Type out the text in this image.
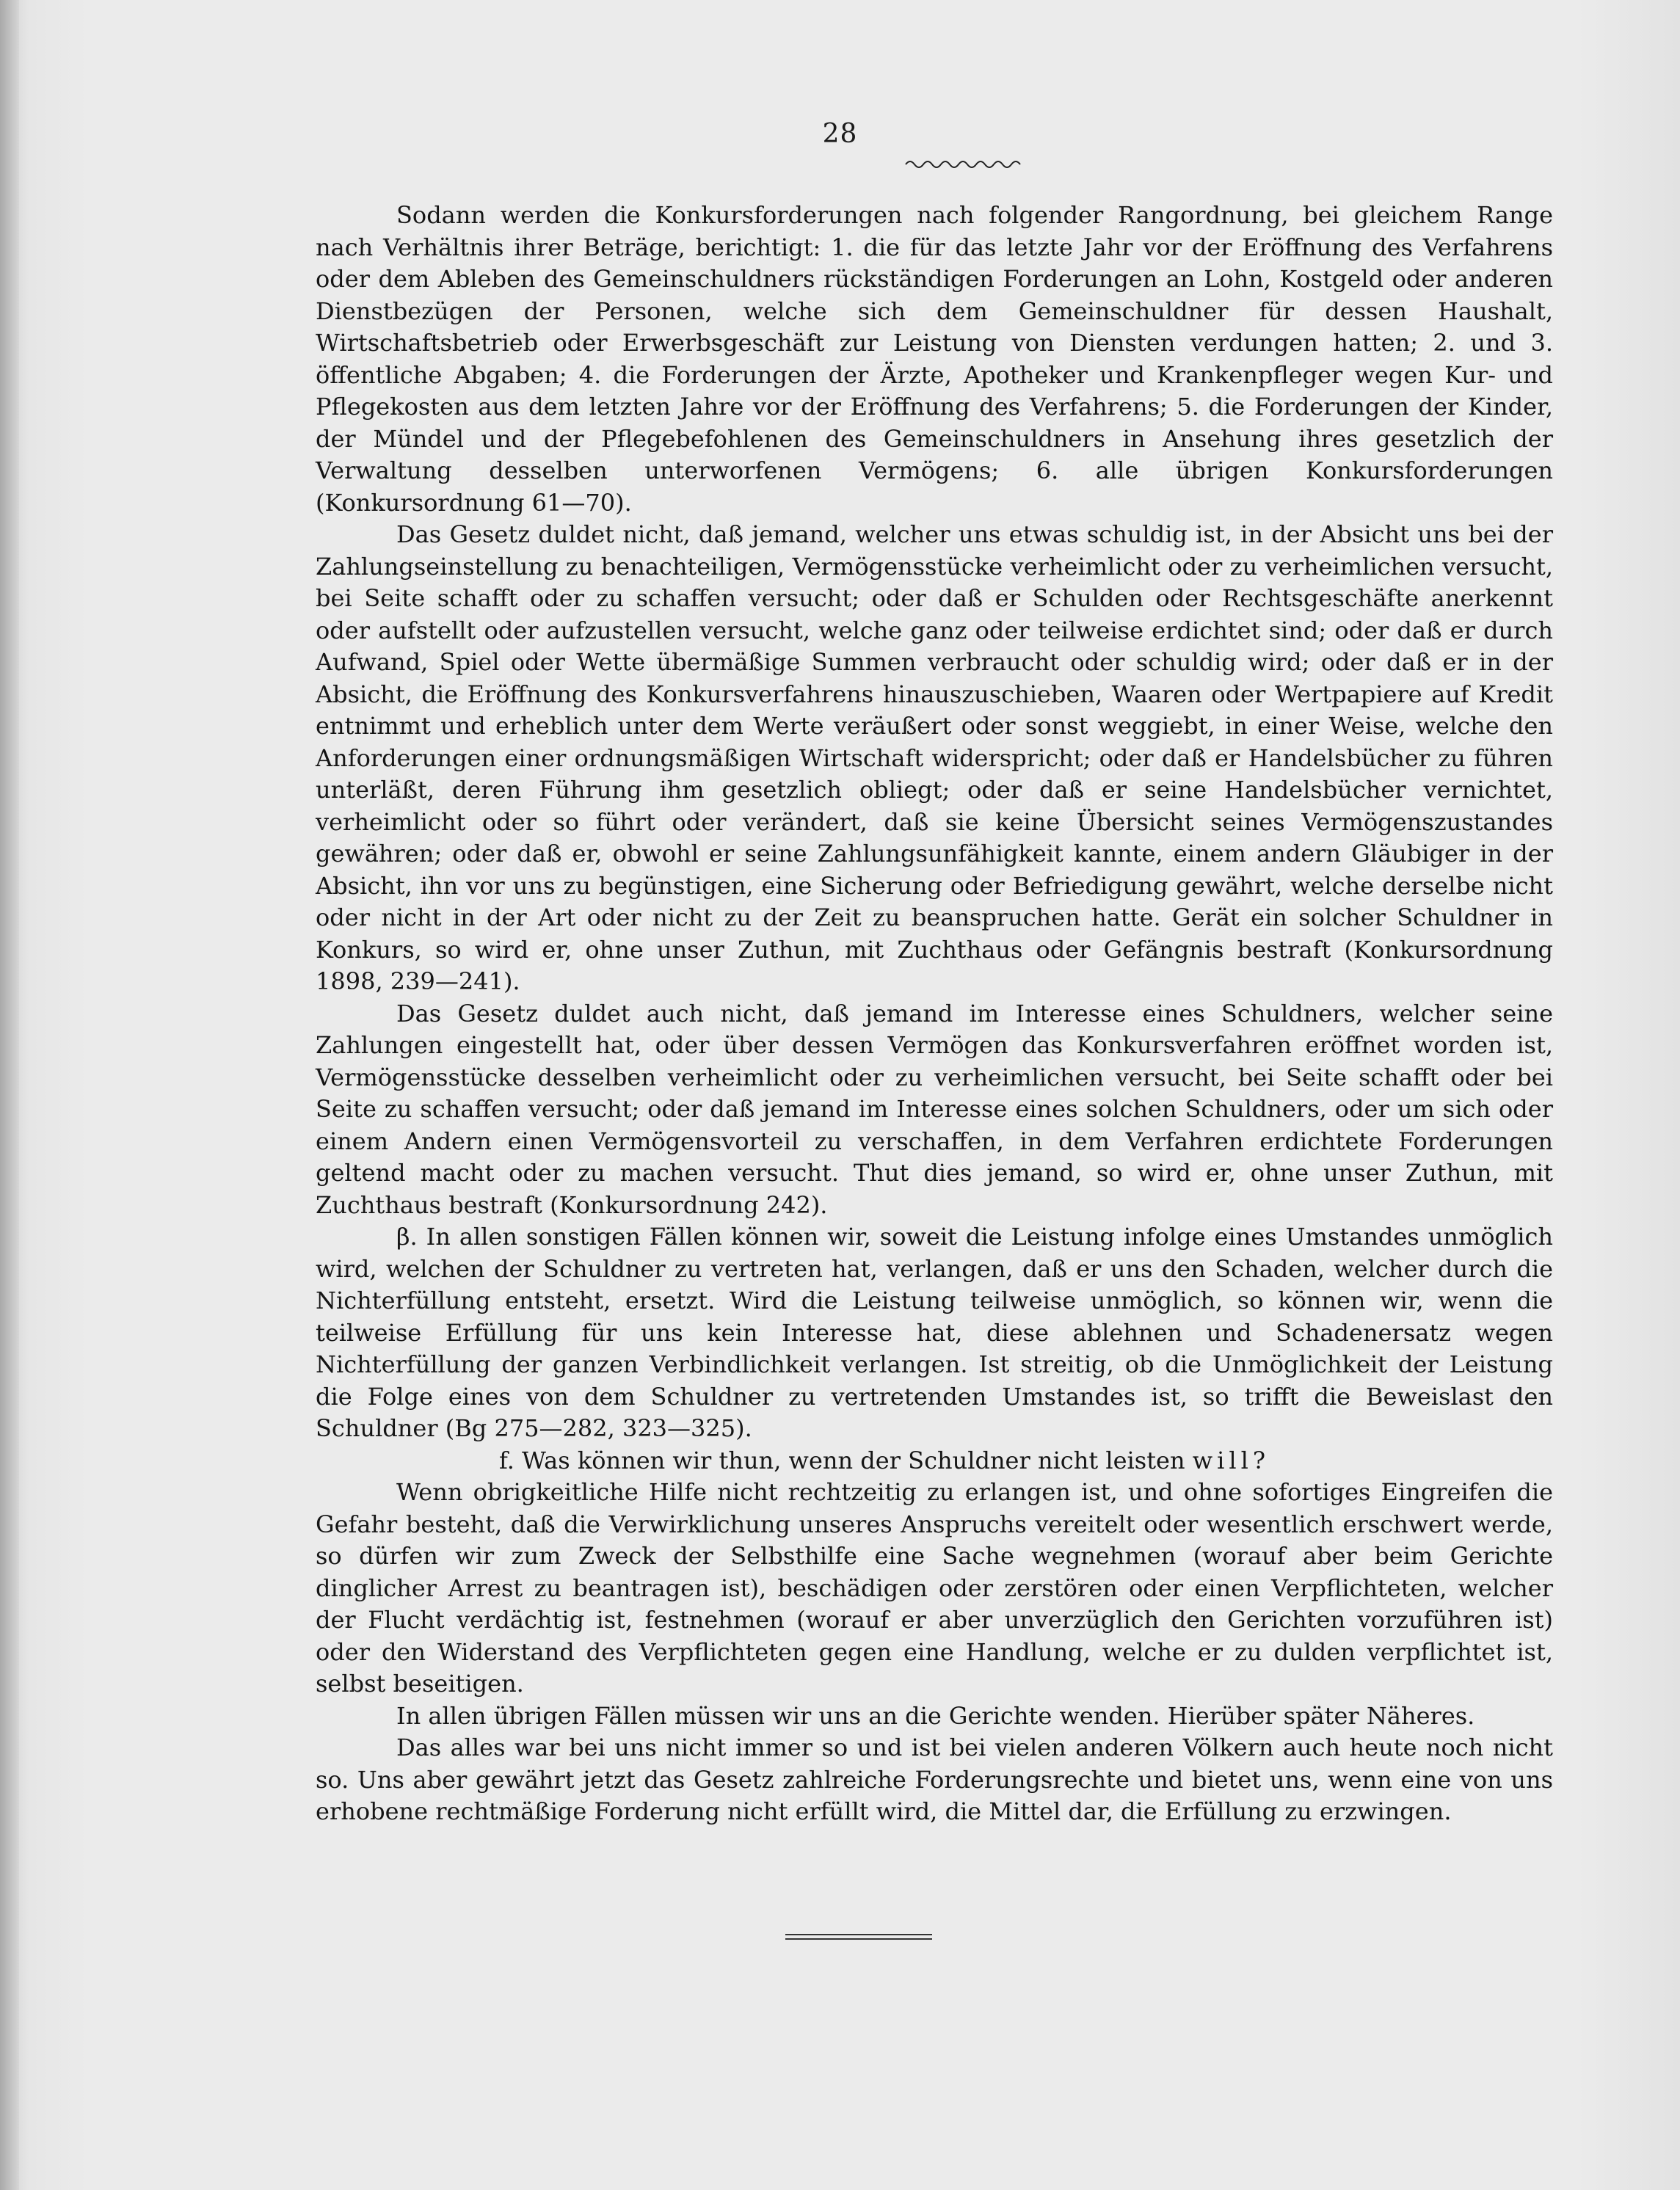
28

Sodann werden die Konkursforderungen nach folgender Rangordnung, bei gleichem Range nach Verhältnis ihrer Beträge, berichtigt: 1. die für das letzte Jahr vor der Eröffnung des Verfahrens oder dem Ableben des Gemeinschuldners rückständigen Forderungen an Lohn, Kostgeld oder anderen Dienstbezügen der Personen, welche sich dem Gemeinschuldner für dessen Haushalt, Wirtschaftsbetrieb oder Erwerbsgeschäft zur Leistung von Diensten verdungen hatten; 2. und 3. öffentliche Abgaben; 4. die Forderungen der Ärzte, Apotheker und Krankenpfleger wegen Kur- und Pflegekosten aus dem letzten Jahre vor der Eröffnung des Verfahrens; 5. die Forderungen der Kinder, der Mündel und der Pflegebefohlenen des Gemeinschuldners in Ansehung ihres gesetzlich der Verwaltung desselben unterworfenen Vermögens; 6. alle übrigen Konkursforderungen (Konkursordnung 61—70).

Das Gesetz duldet nicht, daß jemand, welcher uns etwas schuldig ist, in der Absicht uns bei der Zahlungseinstellung zu benachteiligen, Vermögensstücke verheimlicht oder zu verheimlichen versucht, bei Seite schafft oder zu schaffen versucht; oder daß er Schulden oder Rechtsgeschäfte anerkennt oder aufstellt oder aufzustellen versucht, welche ganz oder teilweise erdichtet sind; oder daß er durch Aufwand, Spiel oder Wette übermäßige Summen verbraucht oder schuldig wird; oder daß er in der Absicht, die Eröffnung des Konkursverfahrens hinauszuschieben, Waaren oder Wertpapiere auf Kredit entnimmt und erheblich unter dem Werte veräußert oder sonst weggiebt, in einer Weise, welche den Anforderungen einer ordnungsmäßigen Wirtschaft widerspricht; oder daß er Handelsbücher zu führen unterläßt, deren Führung ihm gesetzlich obliegt; oder daß er seine Handelsbücher vernichtet, verheimlicht oder so führt oder verändert, daß sie keine Übersicht seines Vermögenszustandes gewähren; oder daß er, obwohl er seine Zahlungsunfähigkeit kannte, einem andern Gläubiger in der Absicht, ihn vor uns zu begünstigen, eine Sicherung oder Befriedigung gewährt, welche derselbe nicht oder nicht in der Art oder nicht zu der Zeit zu beanspruchen hatte. Gerät ein solcher Schuldner in Konkurs, so wird er, ohne unser Zuthun, mit Zuchthaus oder Gefängnis bestraft (Konkursordnung 1898, 239—241).

Das Gesetz duldet auch nicht, daß jemand im Interesse eines Schuldners, welcher seine Zahlungen eingestellt hat, oder über dessen Vermögen das Konkursverfahren eröffnet worden ist, Vermögensstücke desselben verheimlicht oder zu verheimlichen versucht, bei Seite schafft oder bei Seite zu schaffen versucht; oder daß jemand im Interesse eines solchen Schuldners, oder um sich oder einem Andern einen Vermögensvorteil zu verschaffen, in dem Verfahren erdichtete Forderungen geltend macht oder zu machen versucht. Thut dies jemand, so wird er, ohne unser Zuthun, mit Zuchthaus bestraft (Konkursordnung 242).

β. In allen sonstigen Fällen können wir, soweit die Leistung infolge eines Umstandes unmöglich wird, welchen der Schuldner zu vertreten hat, verlangen, daß er uns den Schaden, welcher durch die Nichterfüllung entsteht, ersetzt. Wird die Leistung teilweise unmöglich, so können wir, wenn die teilweise Erfüllung für uns kein Interesse hat, diese ablehnen und Schadenersatz wegen Nichterfüllung der ganzen Verbindlichkeit verlangen. Ist streitig, ob die Unmöglichkeit der Leistung die Folge eines von dem Schuldner zu vertretenden Umstandes ist, so trifft die Beweislast den Schuldner (Bg 275—282, 323—325).

f. Was können wir thun, wenn der Schuldner nicht leisten will?

Wenn obrigkeitliche Hilfe nicht rechtzeitig zu erlangen ist, und ohne sofortiges Eingreifen die Gefahr besteht, daß die Verwirklichung unseres Anspruchs vereitelt oder wesentlich erschwert werde, so dürfen wir zum Zweck der Selbsthilfe eine Sache wegnehmen (worauf aber beim Gerichte dinglicher Arrest zu beantragen ist), beschädigen oder zerstören oder einen Verpflichteten, welcher der Flucht verdächtig ist, festnehmen (worauf er aber unverzüglich den Gerichten vorzuführen ist) oder den Widerstand des Verpflichteten gegen eine Handlung, welche er zu dulden verpflichtet ist, selbst beseitigen.

In allen übrigen Fällen müssen wir uns an die Gerichte wenden. Hierüber später Näheres.

Das alles war bei uns nicht immer so und ist bei vielen anderen Völkern auch heute noch nicht so. Uns aber gewährt jetzt das Gesetz zahlreiche Forderungsrechte und bietet uns, wenn eine von uns erhobene rechtmäßige Forderung nicht erfüllt wird, die Mittel dar, die Erfüllung zu erzwingen.
